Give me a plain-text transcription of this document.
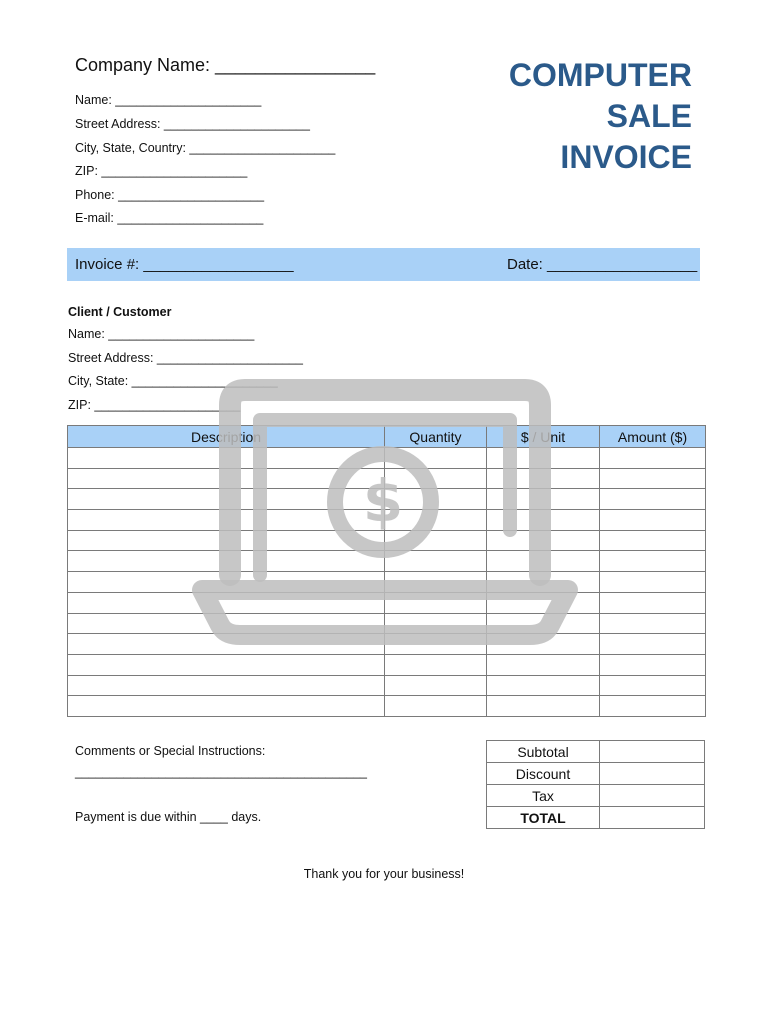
Company Name: ________________
Name: _____________________
Street Address: _____________________
City, State, Country: _____________________
ZIP: _____________________
Phone: _____________________
E-mail: _____________________
COMPUTER
SALE
INVOICE
Invoice #: __________________	Date: __________________
Client / Customer
Name: _____________________
Street Address: _____________________
City, State: _____________________
ZIP: _____________________
Description	Quantity	$ / Unit	Amount ($)

$
Comments or Special Instructions:
__________________________________________
Payment is due within ____ days.
Subtotal	
Discount	
Tax	
TOTAL	
Thank you for your business!
